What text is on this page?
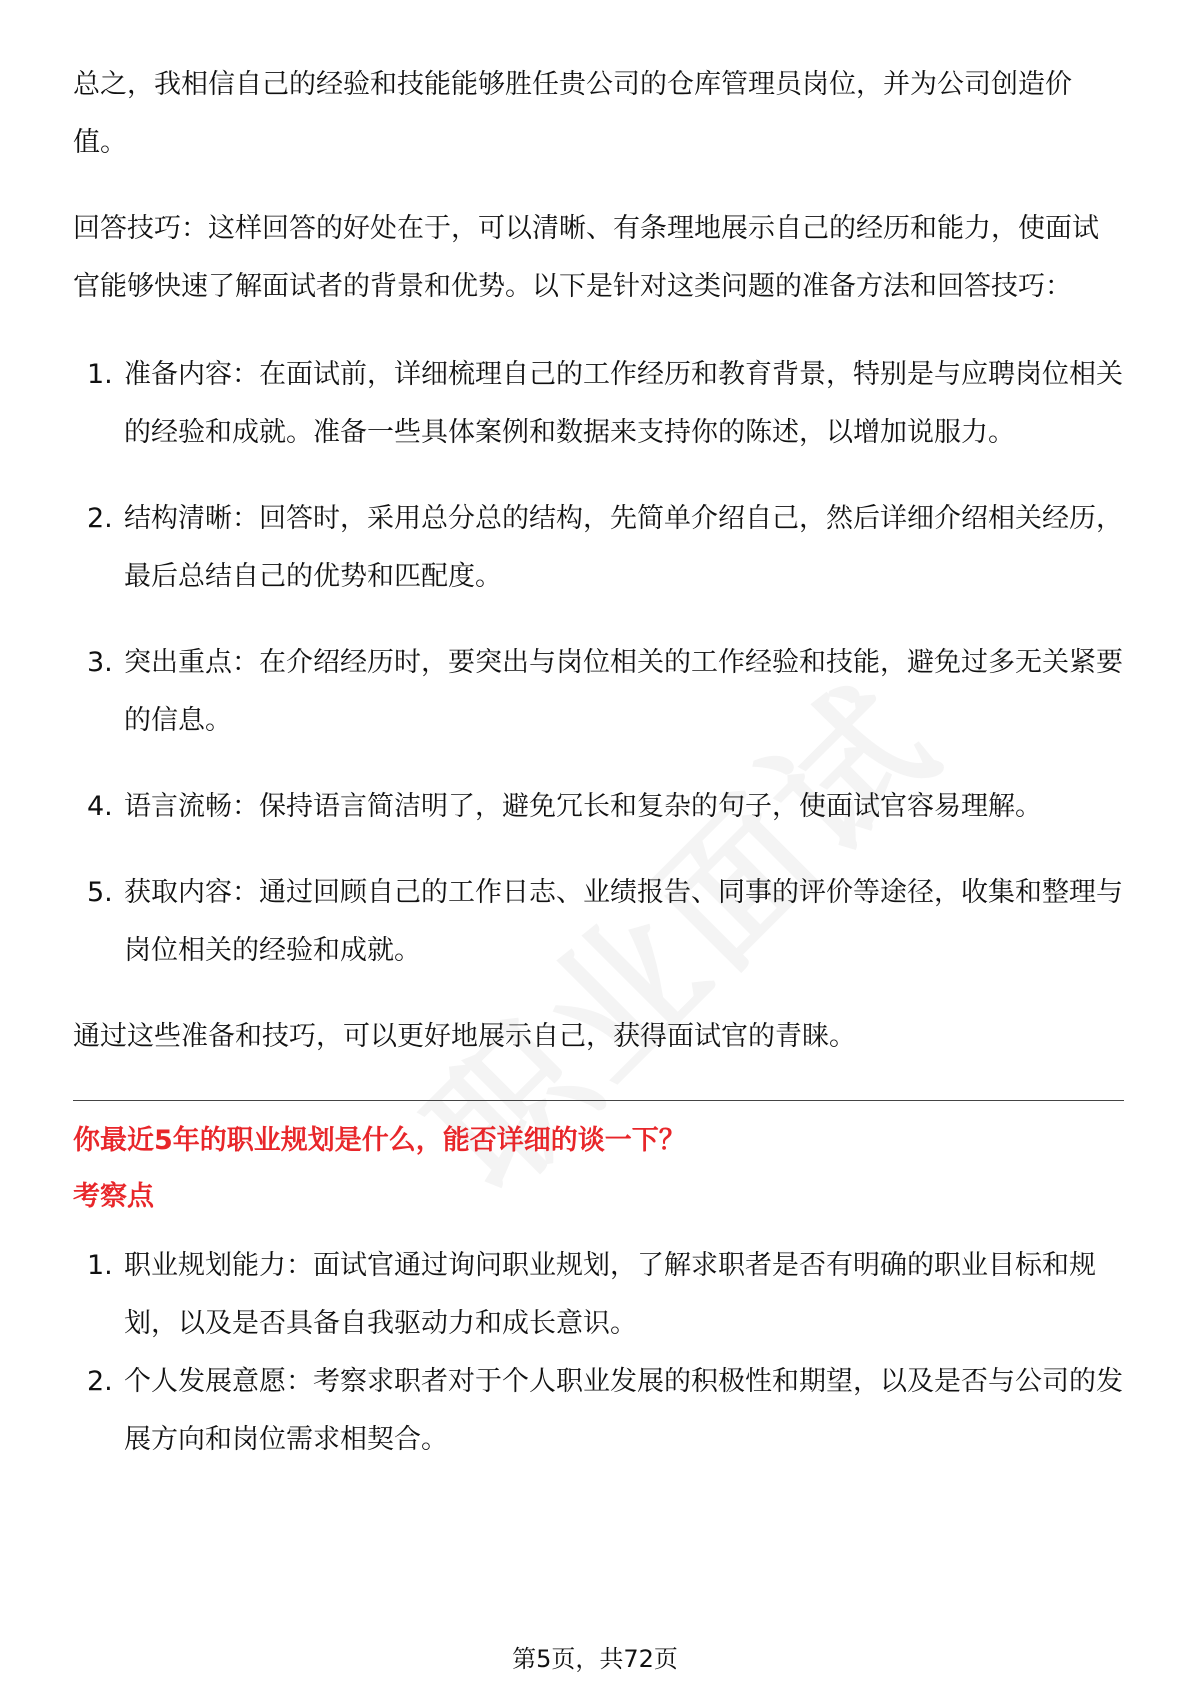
总之，我相信自己的经验和技能能够胜任贵公司的仓库管理员岗位，并为公司创造价值。

回答技巧：这样回答的好处在于，可以清晰、有条理地展示自己的经历和能力，使面试官能够快速了解面试者的背景和优势。以下是针对这类问题的准备方法和回答技巧：

1. 准备内容：在面试前，详细梳理自己的工作经历和教育背景，特别是与应聘岗位相关的经验和成就。准备一些具体案例和数据来支持你的陈述，以增加说服力。
2. 结构清晰：回答时，采用总分总的结构，先简单介绍自己，然后详细介绍相关经历，最后总结自己的优势和匹配度。
3. 突出重点：在介绍经历时，要突出与岗位相关的工作经验和技能，避免过多无关紧要的信息。
4. 语言流畅：保持语言简洁明了，避免冗长和复杂的句子，使面试官容易理解。
5. 获取内容：通过回顾自己的工作日志、业绩报告、同事的评价等途径，收集和整理与岗位相关的经验和成就。

通过这些准备和技巧，可以更好地展示自己，获得面试官的青睐。

你最近5年的职业规划是什么，能否详细的谈一下？
考察点
1. 职业规划能力：面试官通过询问职业规划，了解求职者是否有明确的职业目标和规划，以及是否具备自我驱动力和成长意识。
2. 个人发展意愿：考察求职者对于个人职业发展的积极性和期望，以及是否与公司的发展方向和岗位需求相契合。
第5页，共72页
